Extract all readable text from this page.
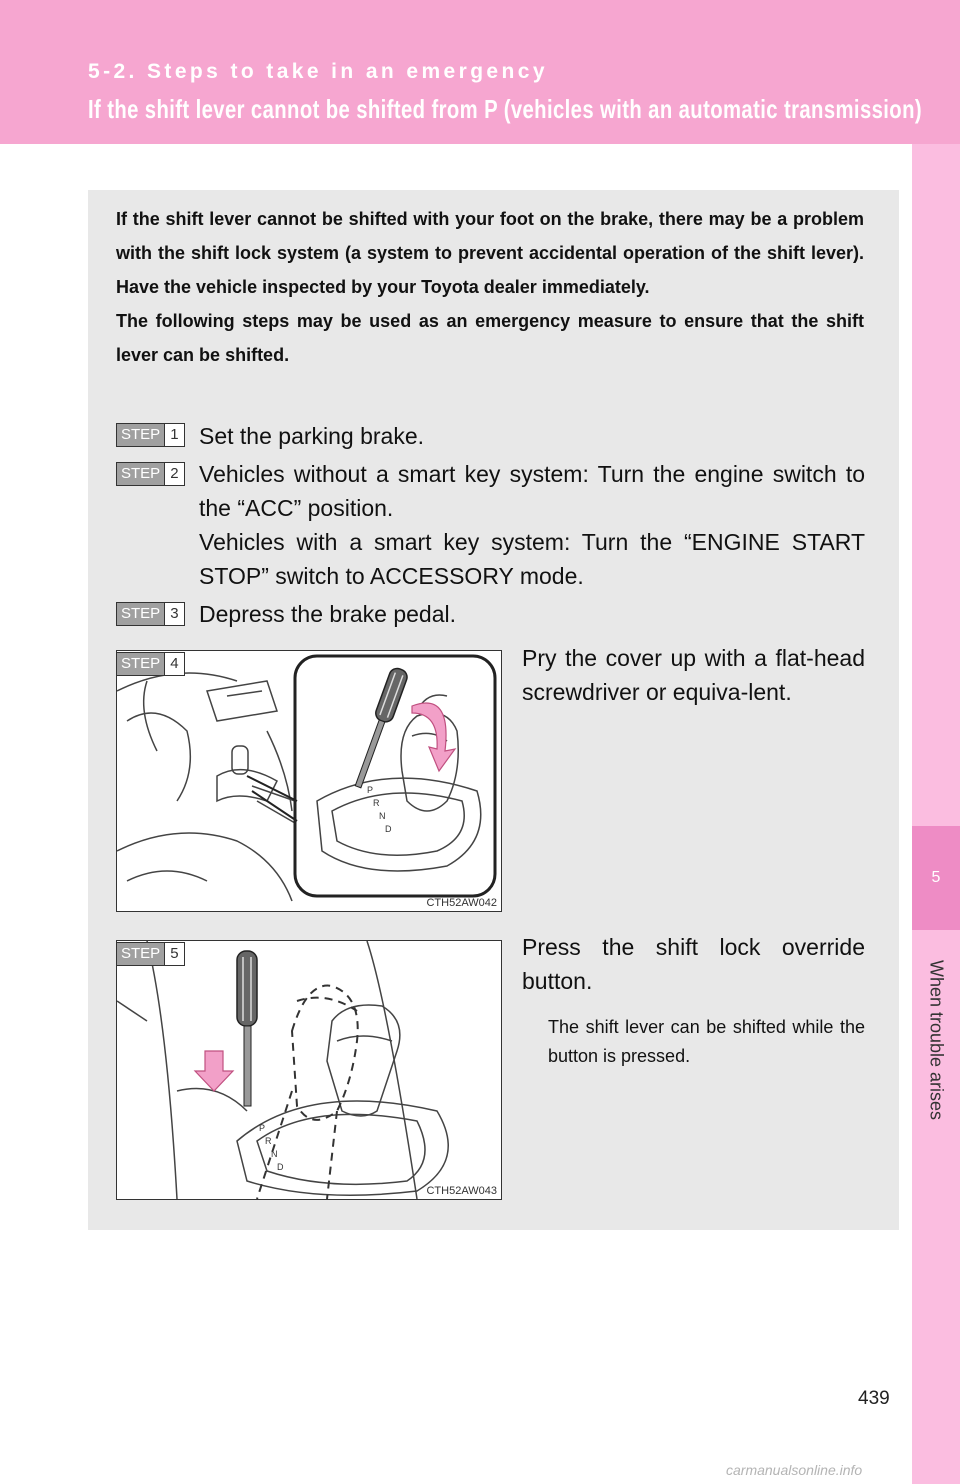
5-2. Steps to take in an emergency
If the shift lever cannot be shifted from P (vehicles with an automatic transmission)
5
When trouble arises

If the shift lever cannot be shifted with your foot on the brake, there may be a problem with the shift lock system (a system to prevent accidental operation of the shift lever). Have the vehicle inspected by your Toyota dealer immediately.

The following steps may be used as an emergency measure to ensure that the shift lever can be shifted.

STEP 1 Set the parking brake.
STEP 2 Vehicles without a smart key system: Turn the engine switch to the “ACC” position.
Vehicles with a smart key system: Turn the “ENGINE START STOP” switch to ACCESSORY mode.
STEP 3 Depress the brake pedal.
P
R
N
D
CTH52AW042
STEP 4	Pry the cover up with a flat-head screwdriver or equiva-lent.
P
R
N
D
CTH52AW043
STEP 5	Press the shift lock override button.
The shift lever can be shifted while the button is pressed.
439
carmanualsonline.info
